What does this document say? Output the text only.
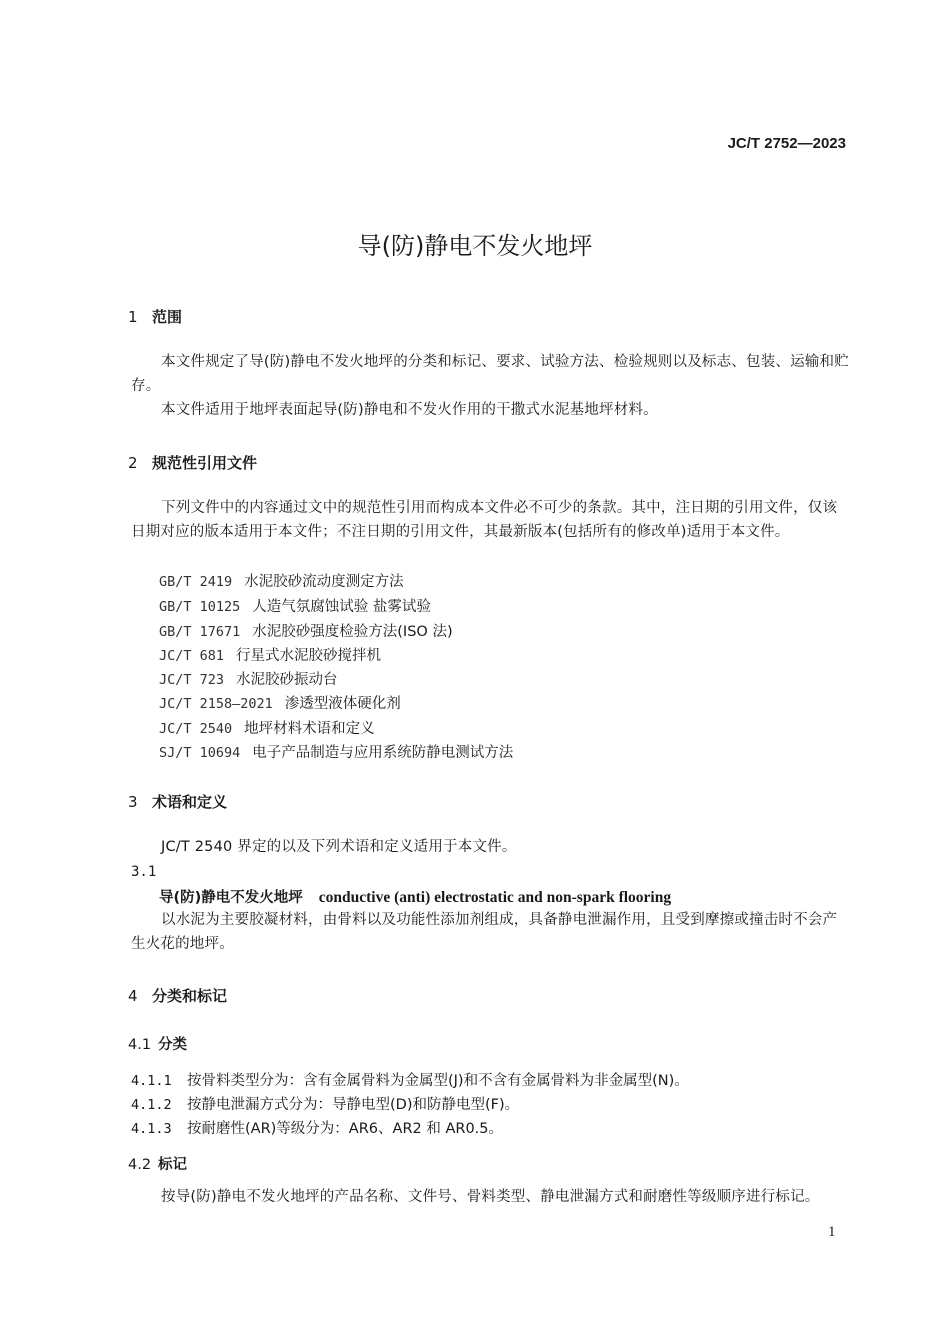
JC/T 2752—2023
导(防)静电不发火地坪
1 范围
本文件规定了导(防)静电不发火地坪的分类和标记、要求、试验方法、检验规则以及标志、包装、运输和贮存。
本文件适用于地坪表面起导(防)静电和不发火作用的干撒式水泥基地坪材料。
2 规范性引用文件
下列文件中的内容通过文中的规范性引用而构成本文件必不可少的条款。其中，注日期的引用文件，仅该日期对应的版本适用于本文件；不注日期的引用文件，其最新版本(包括所有的修改单)适用于本文件。
GB/T 2419 水泥胶砂流动度测定方法
GB/T 10125 人造气氛腐蚀试验 盐雾试验
GB/T 17671 水泥胶砂强度检验方法(ISO 法)
JC/T 681 行星式水泥胶砂搅拌机
JC/T 723 水泥胶砂振动台
JC/T 2158—2021 渗透型液体硬化剂
JC/T 2540 地坪材料术语和定义
SJ/T 10694 电子产品制造与应用系统防静电测试方法
3 术语和定义
JC/T 2540 界定的以及下列术语和定义适用于本文件。
3.1
导(防)静电不发火地坪 conductive (anti) electrostatic and non-spark flooring
以水泥为主要胶凝材料，由骨料以及功能性添加剂组成，具备静电泄漏作用，且受到摩擦或撞击时不会产生火花的地坪。
4 分类和标记
4.1 分类
4.1.1 按骨料类型分为：含有金属骨料为金属型(J)和不含有金属骨料为非金属型(N)。
4.1.2 按静电泄漏方式分为：导静电型(D)和防静电型(F)。
4.1.3 按耐磨性(AR)等级分为：AR6、AR2 和 AR0.5。
4.2 标记
按导(防)静电不发火地坪的产品名称、文件号、骨料类型、静电泄漏方式和耐磨性等级顺序进行标记。
1
